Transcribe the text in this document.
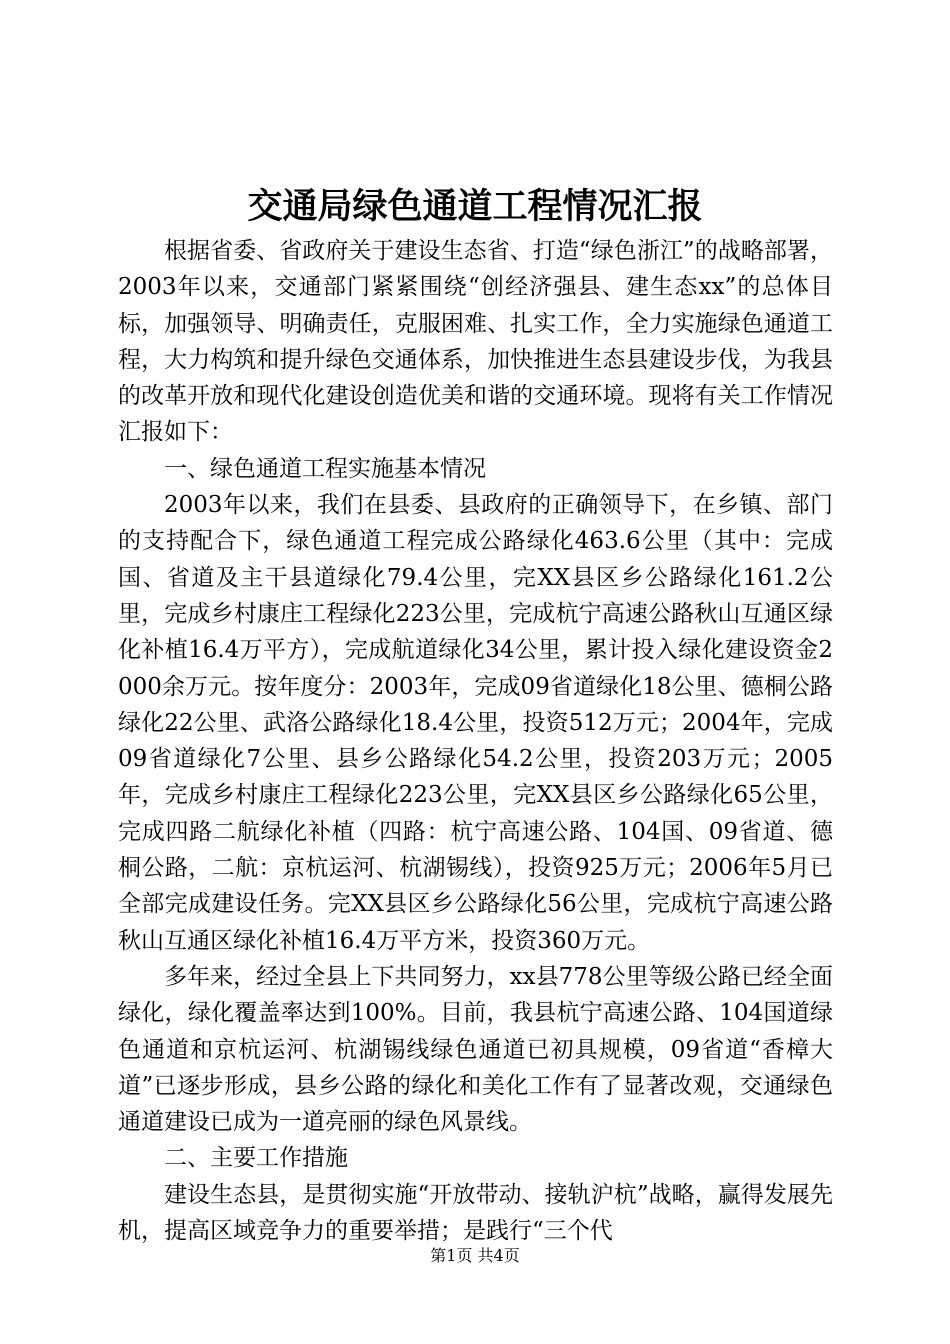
交通局绿色通道工程情况汇报

根据省委、省政府关于建设生态省、打造“绿色浙江”的战略部署，2003年以来，交通部门紧紧围绕“创经济强县、建生态xx”的总体目标，加强领导、明确责任，克服困难、扎实工作，全力实施绿色通道工程，大力构筑和提升绿色交通体系，加快推进生态县建设步伐，为我县的改革开放和现代化建设创造优美和谐的交通环境。现将有关工作情况汇报如下：

一、绿色通道工程实施基本情况

2003年以来，我们在县委、县政府的正确领导下，在乡镇、部门的支持配合下，绿色通道工程完成公路绿化463.6公里（其中：完成国、省道及主干县道绿化79.4公里，完XX县区乡公路绿化161.2公里，完成乡村康庄工程绿化223公里，完成杭宁高速公路秋山互通区绿化补植16.4万平方），完成航道绿化34公里，累计投入绿化建设资金2000余万元。按年度分：2003年，完成09省道绿化18公里、德桐公路绿化22公里、武洛公路绿化18.4公里，投资512万元；2004年，完成09省道绿化7公里、县乡公路绿化54.2公里，投资203万元；2005年，完成乡村康庄工程绿化223公里，完XX县区乡公路绿化65公里，完成四路二航绿化补植（四路：杭宁高速公路、104国、09省道、德桐公路，二航：京杭运河、杭湖锡线），投资925万元；2006年5月已全部完成建设任务。完XX县区乡公路绿化56公里，完成杭宁高速公路秋山互通区绿化补植16.4万平方米，投资360万元。

多年来，经过全县上下共同努力，xx县778公里等级公路已经全面绿化，绿化覆盖率达到100%。目前，我县杭宁高速公路、104国道绿色通道和京杭运河、杭湖锡线绿色通道已初具规模，09省道“香樟大道”已逐步形成，县乡公路的绿化和美化工作有了显著改观，交通绿色通道建设已成为一道亮丽的绿色风景线。

二、主要工作措施

建设生态县，是贯彻实施“开放带动、接轨沪杭”战略，赢得发展先机，提高区域竞争力的重要举措；是践行“三个代

第1页 共4页
